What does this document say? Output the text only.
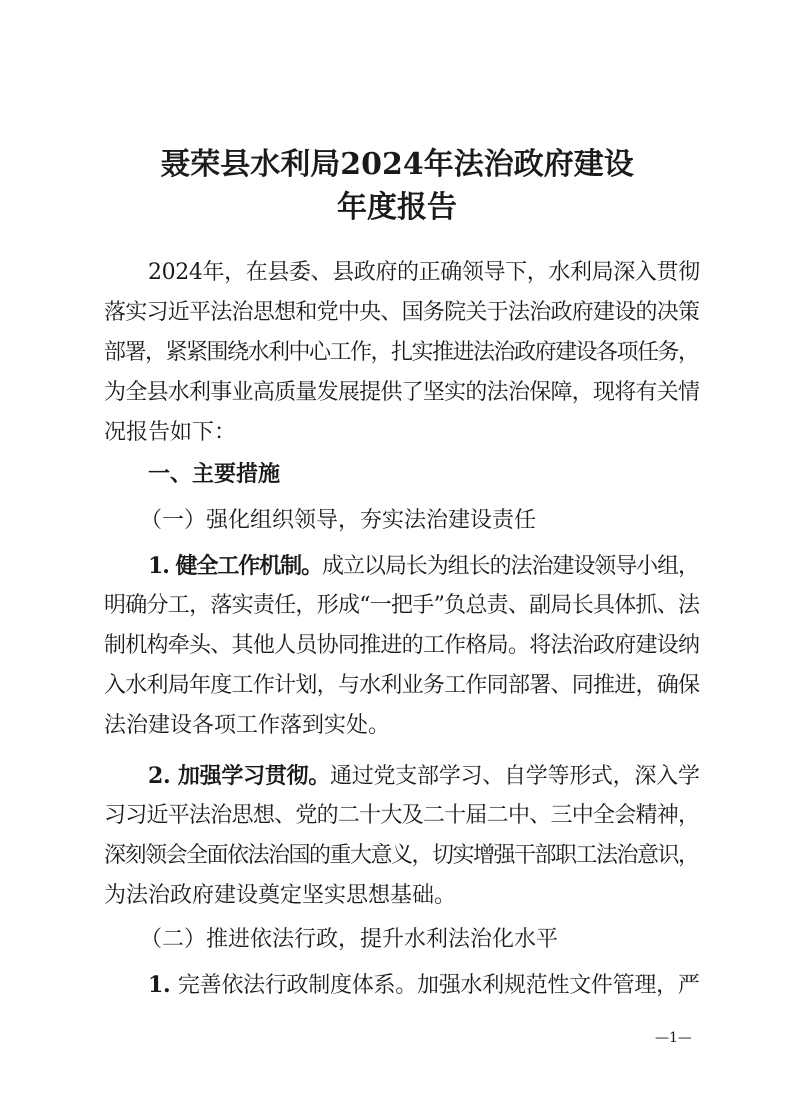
聂荣县水利局2024年法治政府建设
年度报告
2024年，在县委、县政府的正确领导下，水利局深入贯彻
落实习近平法治思想和党中央、国务院关于法治政府建设的决策
部署，紧紧围绕水利中心工作，扎实推进法治政府建设各项任务，
为全县水利事业高质量发展提供了坚实的法治保障，现将有关情
况报告如下：
一、主要措施
（一）强化组织领导，夯实法治建设责任
1. 健全工作机制。成立以局长为组长的法治建设领导小组，
明确分工，落实责任，形成“一把手”负总责、副局长具体抓、法
制机构牵头、其他人员协同推进的工作格局。将法治政府建设纳
入水利局年度工作计划，与水利业务工作同部署、同推进，确保
法治建设各项工作落到实处。
2. 加强学习贯彻。通过党支部学习、自学等形式，深入学
习习近平法治思想、党的二十大及二十届二中、三中全会精神，
深刻领会全面依法治国的重大意义，切实增强干部职工法治意识，
为法治政府建设奠定坚实思想基础。
（二）推进依法行政，提升水利法治化水平
1. 完善依法行政制度体系。加强水利规范性文件管理，严
—1—
